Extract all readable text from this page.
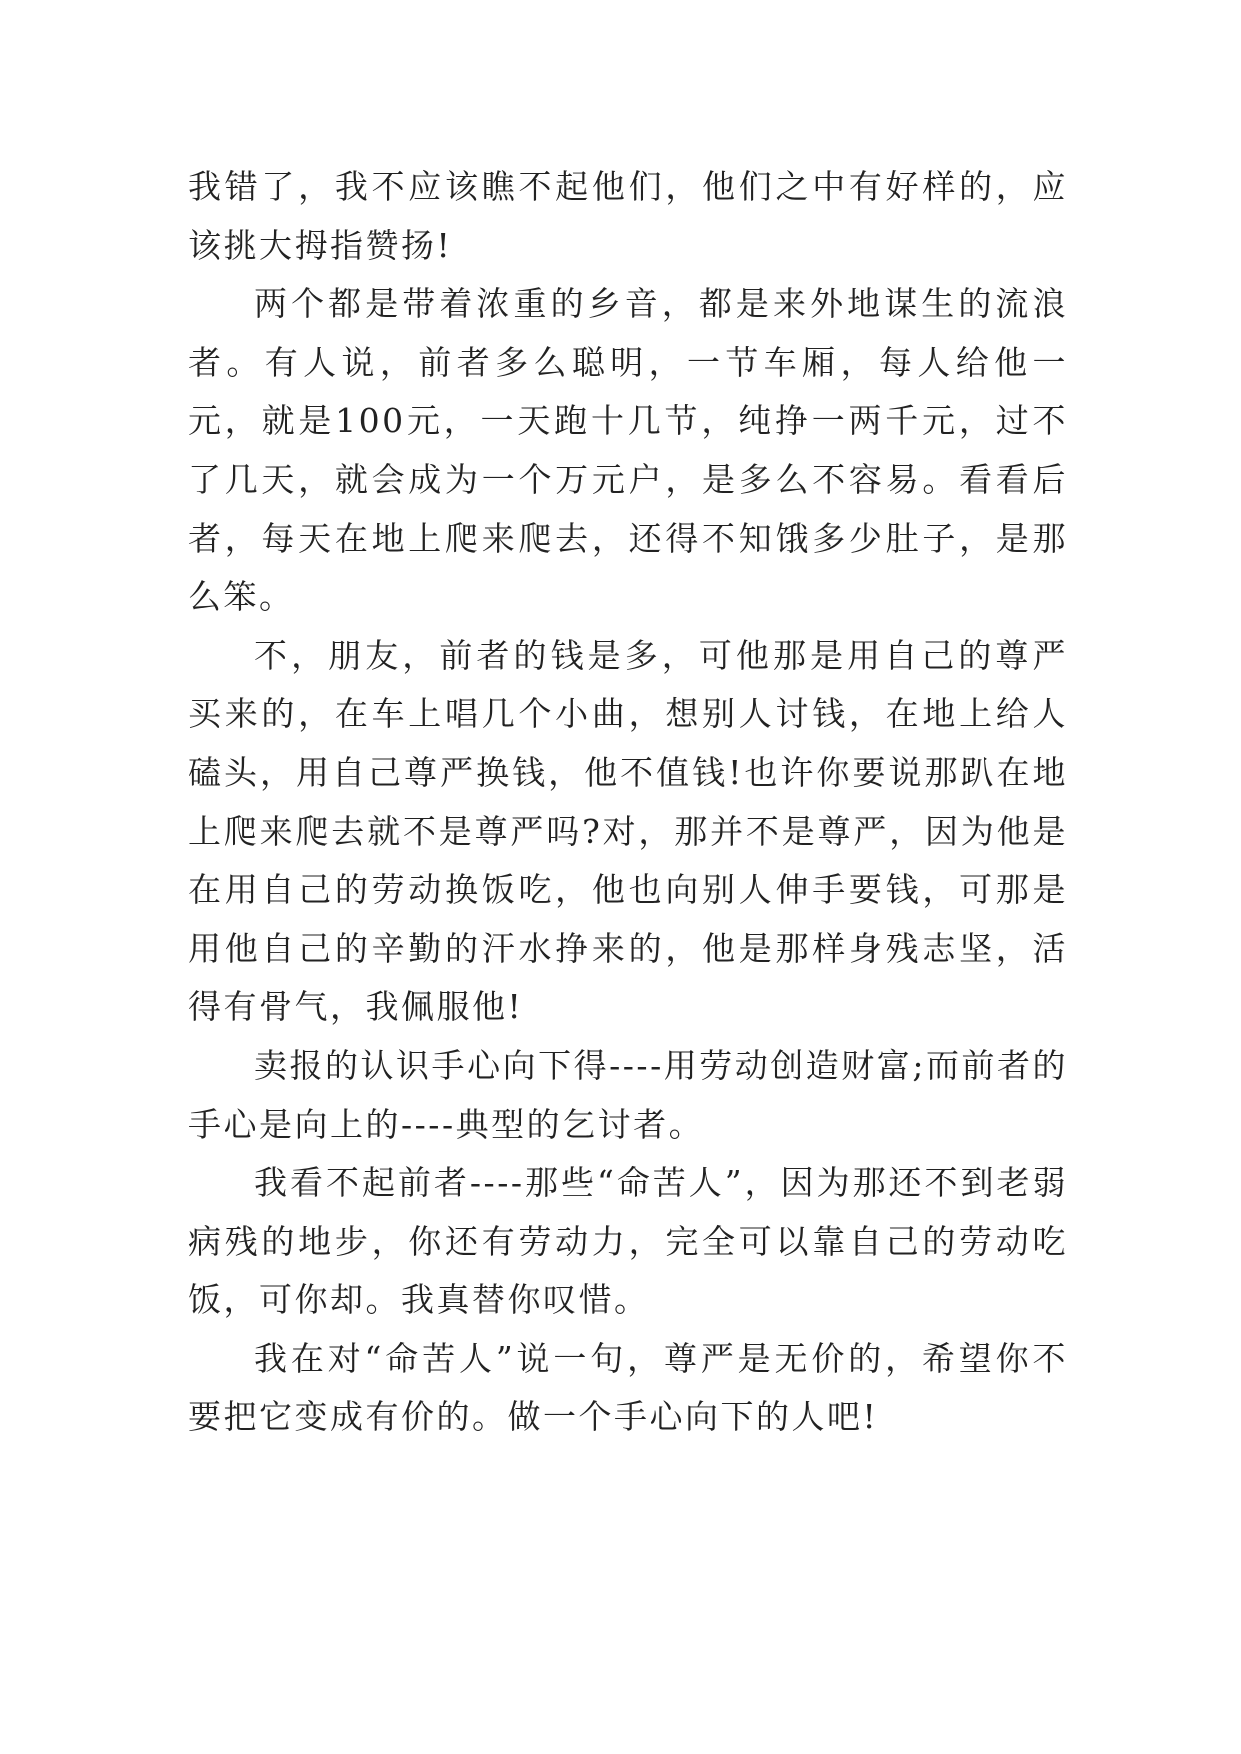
我错了，我不应该瞧不起他们，他们之中有好样的，应该挑大拇指赞扬!

两个都是带着浓重的乡音，都是来外地谋生的流浪者。有人说，前者多么聪明，一节车厢，每人给他一元，就是100元，一天跑十几节，纯挣一两千元，过不了几天，就会成为一个万元户，是多么不容易。看看后者，每天在地上爬来爬去，还得不知饿多少肚子，是那么笨。

不，朋友，前者的钱是多，可他那是用自己的尊严买来的，在车上唱几个小曲，想别人讨钱，在地上给人磕头，用自己尊严换钱，他不值钱!也许你要说那趴在地上爬来爬去就不是尊严吗?对，那并不是尊严，因为他是在用自己的劳动换饭吃，他也向别人伸手要钱，可那是用他自己的辛勤的汗水挣来的，他是那样身残志坚，活得有骨气，我佩服他!

卖报的认识手心向下得----用劳动创造财富;而前者的手心是向上的----典型的乞讨者。

我看不起前者----那些“命苦人”，因为那还不到老弱病残的地步，你还有劳动力，完全可以靠自己的劳动吃饭，可你却。我真替你叹惜。

我在对“命苦人”说一句，尊严是无价的，希望你不要把它变成有价的。做一个手心向下的人吧!
